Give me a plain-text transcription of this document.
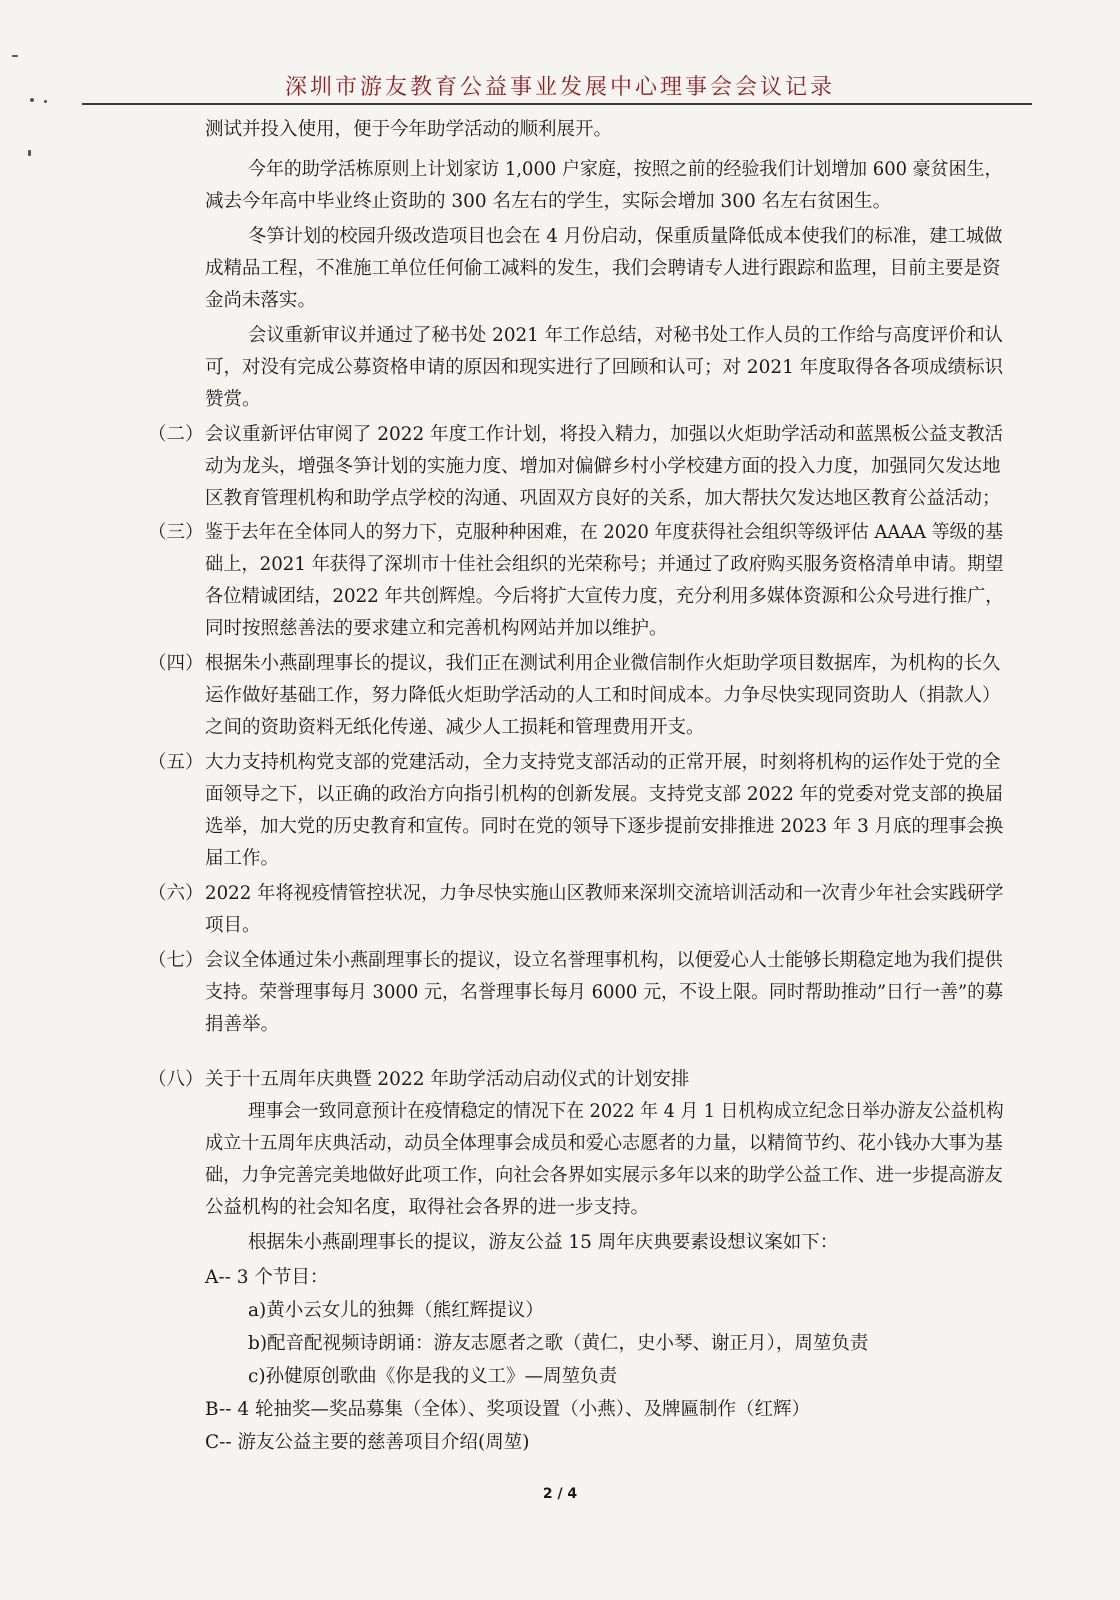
深圳市游友教育公益事业发展中心理事会会议记录
测试并投入使用，便于今年助学活动的顺利展开。
今年的助学活栋原则上计划家访 1,000 户家庭，按照之前的经验我们计划增加 600 豪贫困生，
减去今年高中毕业终止资助的 300 名左右的学生，实际会增加 300 名左右贫困生。
冬笋计划的校园升级改造项目也会在 4 月份启动，保重质量降低成本使我们的标准，建工城做
成精品工程，不准施工单位任何偷工减料的发生，我们会聘请专人进行跟踪和监理，目前主要是资
金尚未落实。
会议重新审议并通过了秘书处 2021 年工作总结，对秘书处工作人员的工作给与高度评价和认
可，对没有完成公募资格申请的原因和现实进行了回顾和认可；对 2021 年度取得各各项成绩标识
赞赏。
（二） 会议重新评估审阅了 2022 年度工作计划，将投入精力，加强以火炬助学活动和蓝黑板公益支教活
动为龙头，增强冬笋计划的实施力度、增加对偏僻乡村小学校建方面的投入力度，加强同欠发达地
区教育管理机构和助学点学校的沟通、巩固双方良好的关系，加大帮扶欠发达地区教育公益活动；
（三） 鉴于去年在全体同人的努力下，克服种种困难，在 2020 年度获得社会组织等级评估 AAAA 等级的基
础上，2021 年获得了深圳市十佳社会组织的光荣称号；并通过了政府购买服务资格清单申请。期望
各位精诚团结，2022 年共创辉煌。今后将扩大宣传力度，充分利用多媒体资源和公众号进行推广，
同时按照慈善法的要求建立和完善机构网站并加以维护。
（四） 根据朱小燕副理事长的提议，我们正在测试利用企业微信制作火炬助学项目数据库，为机构的长久
运作做好基础工作，努力降低火炬助学活动的人工和时间成本。力争尽快实现同资助人（捐款人）
之间的资助资料无纸化传递、减少人工损耗和管理费用开支。
（五） 大力支持机构党支部的党建活动，全力支持党支部活动的正常开展，时刻将机构的运作处于党的全
面领导之下，以正确的政治方向指引机构的创新发展。支持党支部 2022 年的党委对党支部的换届
选举，加大党的历史教育和宣传。同时在党的领导下逐步提前安排推进 2023 年 3 月底的理事会换
届工作。
（六） 2022 年将视疫情管控状况，力争尽快实施山区教师来深圳交流培训活动和一次青少年社会实践研学
项目。
（七） 会议全体通过朱小燕副理事长的提议，设立名誉理事机构，以便爱心人士能够长期稳定地为我们提供
支持。荣誉理事每月 3000 元，名誉理事长每月 6000 元，不设上限。同时帮助推动”日行一善”的募
捐善举。
（八） 关于十五周年庆典暨 2022 年助学活动启动仪式的计划安排
理事会一致同意预计在疫情稳定的情况下在 2022 年 4 月 1 日机构成立纪念日举办游友公益机构
成立十五周年庆典活动，动员全体理事会成员和爱心志愿者的力量，以精简节约、花小钱办大事为基
础，力争完善完美地做好此项工作，向社会各界如实展示多年以来的助学公益工作、进一步提高游友
公益机构的社会知名度，取得社会各界的进一步支持。
根据朱小燕副理事长的提议，游友公益 15 周年庆典要素设想议案如下：
A-- 3 个节目：
a)黄小云女儿的独舞（熊红辉提议）
b)配音配视频诗朗诵：游友志愿者之歌（黄仁，史小琴、谢正月），周堃负责
c)孙健原创歌曲《你是我的义工》—周堃负责
B-- 4 轮抽奖—奖品募集（全体）、奖项设置（小燕）、及牌匾制作（红辉）
C-- 游友公益主要的慈善项目介绍(周堃)
2 / 4
